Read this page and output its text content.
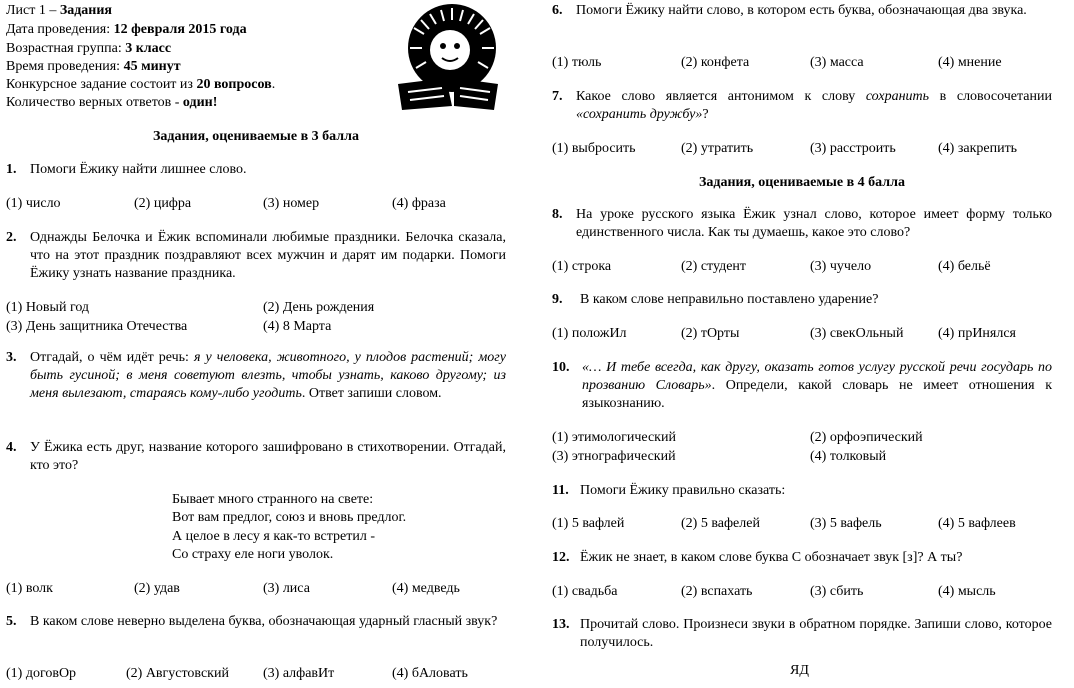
Лист 1 – Задания
Дата проведения: 12 февраля 2015 года
Возрастная группа: 3 класс
Время проведения: 45 минут
Конкурсное задание состоит из 20 вопросов.
Количество верных ответов - один!
Задания, оцениваемые в 3 балла
1. Помоги Ёжику найти лишнее слово.
(1) число	(2) цифра	(3) номер	(4) фраза
2. Однажды Белочка и Ёжик вспоминали любимые праздники. Белочка сказала, что на этот праздник поздравляют всех мужчин и дарят им подарки. Помоги Ёжику узнать название праздника.
(1) Новый год	(2) День рождения
(3) День защитника Отечества	(4) 8 Марта
3. Отгадай, о чём идёт речь: я у человека, животного, у плодов растений; могу быть гусиной; в меня советуют влезть, чтобы узнать, каково другому; из меня вылезают, стараясь кому-либо угодить. Ответ запиши словом.
4. У Ёжика есть друг, название которого зашифровано в стихотворении. Отгадай, кто это?
Бывает много странного на свете:
Вот вам предлог, союз и вновь предлог.
А целое в лесу я как-то встретил -
Со страху еле ноги уволок.
(1) волк	(2) удав	(3) лиса	(4) медведь
5. В каком слове неверно выделена буква, обозначающая ударный гласный звук?
(1) договОр	(2) Августовский (3) алфавИт	(4) бАловать
6. Помоги Ёжику найти слово, в котором есть буква, обозначающая два звука.
(1) тюль	(2) конфета	(3) масса	(4) мнение
7. Какое слово является антонимом к слову сохранить в словосочетании «сохранить дружбу»?
(1) выбросить	(2) утратить	(3) расстроить	(4) закрепить
Задания, оцениваемые в 4 балла
8. На уроке русского языка Ёжик узнал слово, которое имеет форму только единственного числа. Как ты думаешь, какое это слово?
(1) строка	(2) студент	(3) чучело	(4) бельё
9. В каком слове неправильно поставлено ударение?
(1) положИл	(2) тОрты	(3) свекОльный (4) прИнялся
10. «… И тебе всегда, как другу, оказать готов услугу русской речи государь по прозванию Словарь». Определи, какой словарь не имеет отношения к языкознанию.
(1) этимологический	(2) орфоэпический
(3) этнографический	(4) толковый
11. Помоги Ёжику правильно сказать:
(1) 5 вафлей	(2) 5 вафелей	(3) 5 вафель	(4) 5 вафлеев
12. Ёжик не знает, в каком слове буква С обозначает звук [з]? А ты?
(1) свадьба	(2) вспахать	(3) сбить	(4) мысль
13. Прочитай слово. Произнеси звуки в обратном порядке. Запиши слово, которое получилось.
ЯД
